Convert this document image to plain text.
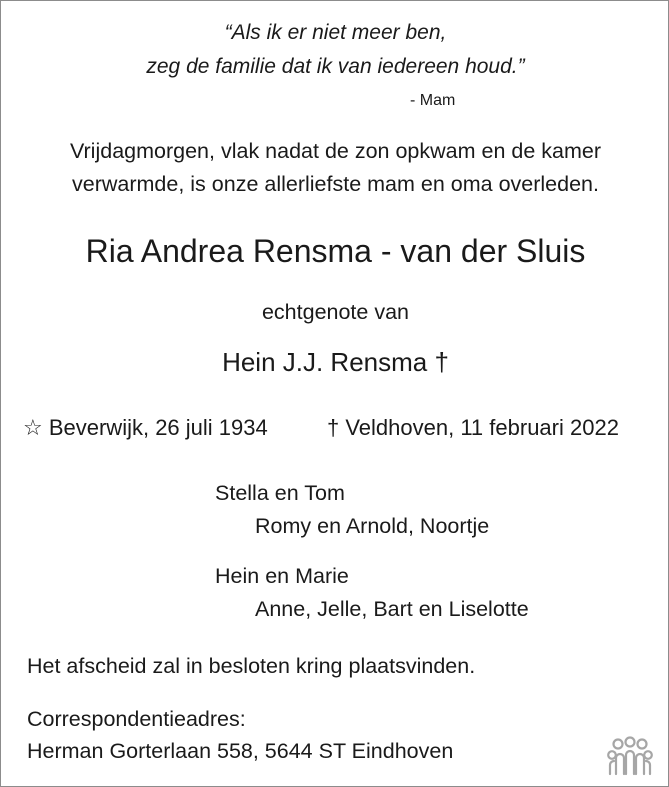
“Als ik er niet meer ben,

zeg de familie dat ik van iedereen houd.”

- Mam

Vrijdagmorgen, vlak nadat de zon opkwam en de kamer

verwarmde, is onze allerliefste mam en oma overleden.

Ria Andrea Rensma - van der Sluis

echtgenote van

Hein J.J. Rensma †

☆ Beverwijk, 26 juli 1934	† Veldhoven, 11 februari 2022

Stella en Tom

Romy en Arnold, Noortje

Hein en Marie

Anne, Jelle, Bart en Liselotte

Het afscheid zal in besloten kring plaatsvinden.

Correspondentieadres:

Herman Gorterlaan 558, 5644 ST Eindhoven
